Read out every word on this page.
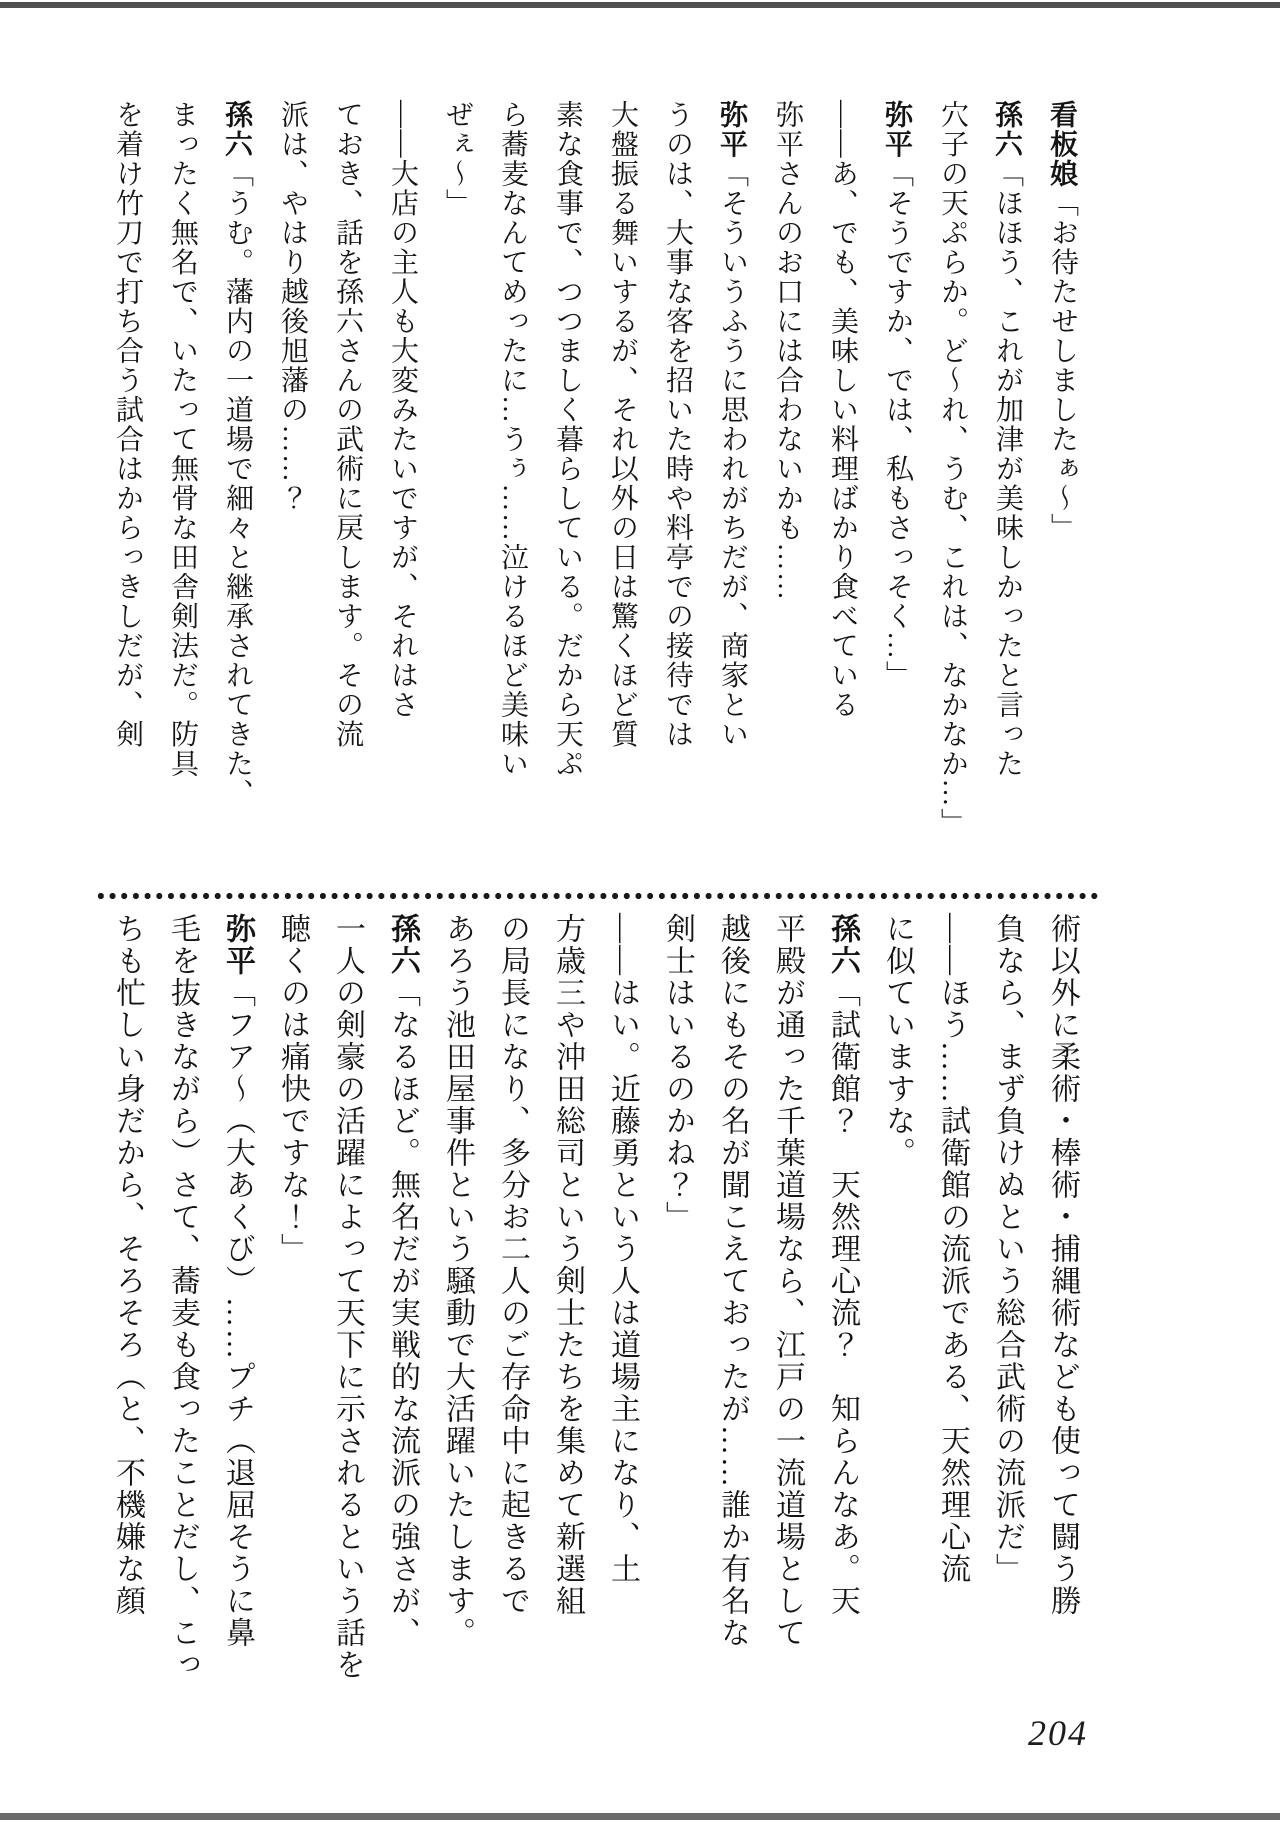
看板娘「お待たせしましたぁ〜」
孫六「ほほう、これが加津が美味しかったと言った
穴子の天ぷらか。ど〜れ、うむ、これは、なかなか…」
弥平「そうですか、では、私もさっそく…」
――あ、でも、美味しい料理ばかり食べている
弥平さんのお口には合わないかも……
弥平「そういうふうに思われがちだが、商家とい
うのは、大事な客を招いた時や料亭での接待では
大盤振る舞いするが、それ以外の日は驚くほど質
素な食事で、つつましく暮らしている。だから天ぷ
ら蕎麦なんてめったに…うぅ……泣けるほど美味い
ぜぇ〜」
――大店の主人も大変みたいですが、それはさ
ておき、話を孫六さんの武術に戻します。その流
派は、やはり越後旭藩の……？
孫六「うむ。藩内の一道場で細々と継承されてきた、
まったく無名で、いたって無骨な田舎剣法だ。防具
を着け竹刀で打ち合う試合はからっきしだが、剣
術以外に柔術・棒術・捕縄術なども使って闘う勝
負なら、まず負けぬという総合武術の流派だ」
――ほう……試衛館の流派である、天然理心流
に似ていますな。
孫六「試衛館？　天然理心流？　知らんなあ。天
平殿が通った千葉道場なら、江戸の一流道場として
越後にもその名が聞こえておったが……誰か有名な
剣士はいるのかね？」
――はい。近藤勇という人は道場主になり、土
方歳三や沖田総司という剣士たちを集めて新選組
の局長になり、多分お二人のご存命中に起きるで
あろう池田屋事件という騒動で大活躍いたします。
孫六「なるほど。無名だが実戦的な流派の強さが、
一人の剣豪の活躍によって天下に示されるという話を
聴くのは痛快ですな！」
弥平「フア〜（大あくび）……プチ（退屈そうに鼻
毛を抜きながら）さて、蕎麦も食ったことだし、こっ
ちも忙しい身だから、そろそろ（と、不機嫌な顔
204
